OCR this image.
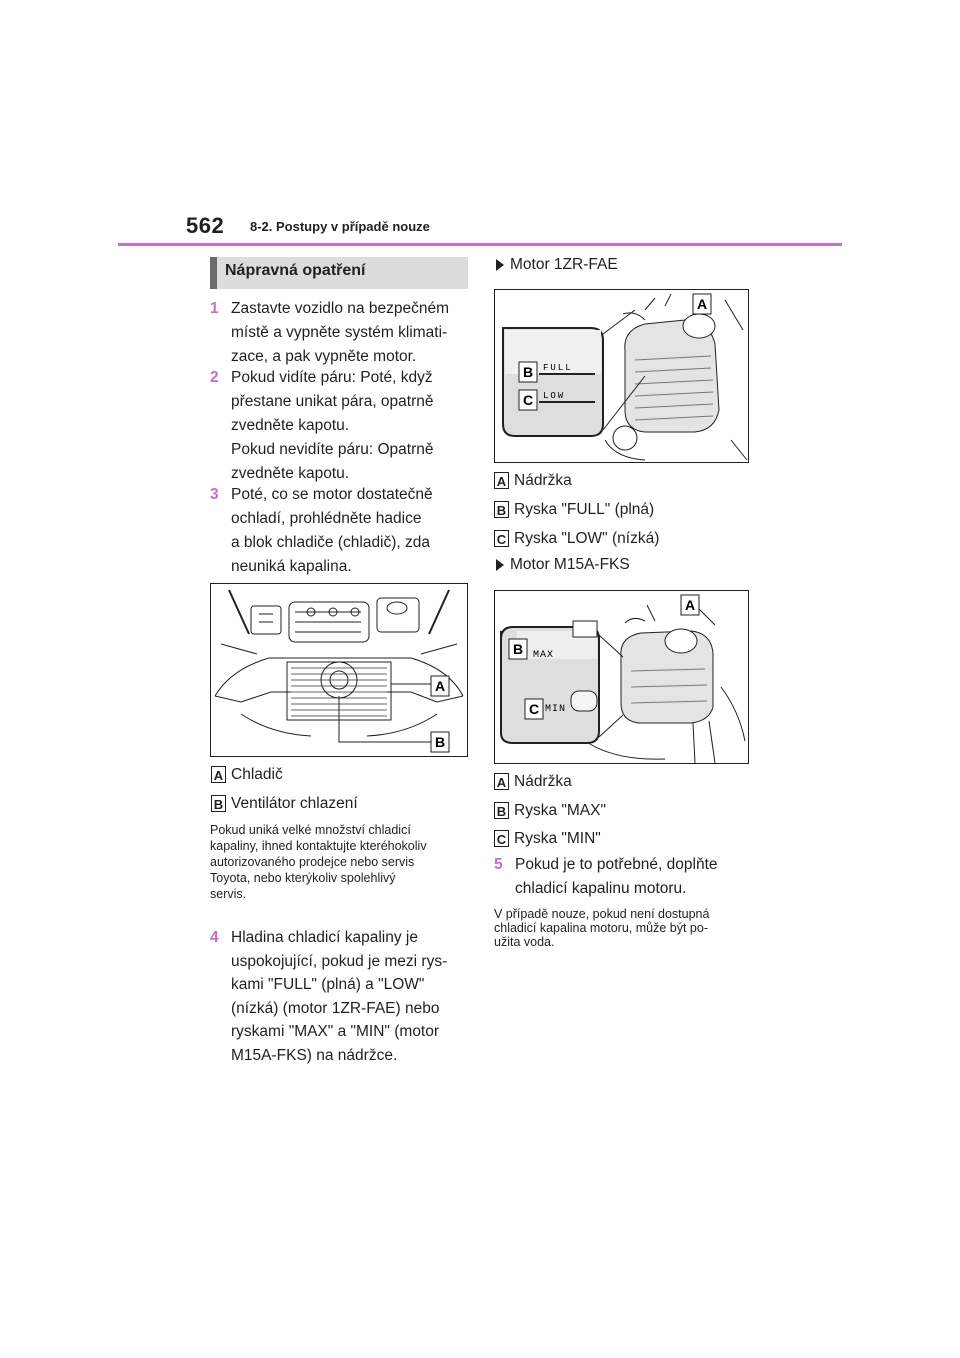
562 8-2. Postupy v případě nouze
Nápravná opatření
1 Zastavte vozidlo na bezpečném
místě a vypněte systém klimati-
zace, a pak vypněte motor.
2 Pokud vidíte páru: Poté, když
přestane unikat pára, opatrně
zvedněte kapotu.
Pokud nevidíte páru: Opatrně
zvedněte kapotu.
3 Poté, co se motor dostatečně
ochladí, prohlédněte hadice
a blok chladiče (chladič), zda
neuniká kapalina.
A
B
A Chladič
B Ventilátor chlazení
Pokud uniká velké množství chladicí
kapaliny, ihned kontaktujte kteréhokoliv
autorizovaného prodejce nebo servis
Toyota, nebo kterýkoliv spolehlivý
servis.
4 Hladina chladicí kapaliny je
uspokojující, pokud je mezi rys-
kami "FULL" (plná) a "LOW"
(nízká) (motor 1ZR-FAE) nebo
ryskami "MAX" a "MIN" (motor
M15A-FKS) na nádržce.
Motor 1ZR-FAE
FULL
LOW
B
C
A
A Nádržka
B Ryska "FULL" (plná)
C Ryska "LOW" (nízká)
Motor M15A-FKS
MAX
MIN
B
C
A
A Nádržka
B Ryska "MAX"
C Ryska "MIN"
5 Pokud je to potřebné, doplňte
chladicí kapalinu motoru.
V případě nouze, pokud není dostupná
chladicí kapalina motoru, může být po-
užita voda.
